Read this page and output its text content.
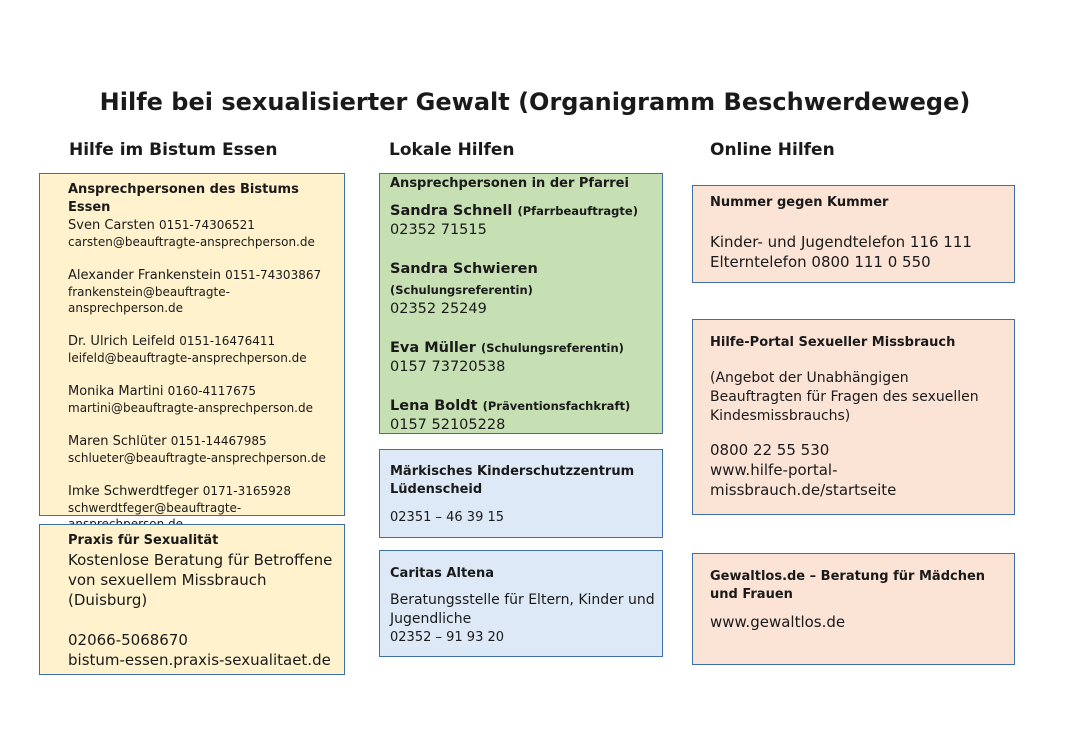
Hilfe bei sexualisierter Gewalt (Organigramm Beschwerdewege)
Hilfe im Bistum Essen	Lokale Hilfen	Online Hilfen
Ansprechpersonen des Bistums Essen
Sven Carsten 0151-74306521
carsten@beauftragte-ansprechperson.de
Alexander Frankenstein 0151-74303867
frankenstein@beauftragte-
ansprechperson.de
Dr. Ulrich Leifeld 0151-16476411
leifeld@beauftragte-ansprechperson.de
Monika Martini 0160-4117675
martini@beauftragte-ansprechperson.de
Maren Schlüter 0151-14467985
schlueter@beauftragte-ansprechperson.de
Imke Schwerdtfeger 0171-3165928
schwerdtfeger@beauftragte-
Praxis für Sexualität
Kostenlose Beratung für Betroffene
von sexuellem Missbrauch (Duisburg)
02066-5068670
bistum-essen.praxis-sexualitaet.de
Ansprechpersonen in der Pfarrei
Sandra Schnell (Pfarrbeauftragte)
02352 71515
Sandra Schwieren (Schulungsreferentin)
02352 25249
Eva Müller (Schulungsreferentin)
0157 73720538
Lena Boldt (Präventionsfachkraft)
0157 52105228
Märkisches Kinderschutzzentrum
Lüdenscheid
02351 – 46 39 15
Caritas Altena
Beratungsstelle für Eltern, Kinder und
Jugendliche
02352 – 91 93 20
Nummer gegen Kummer
Kinder- und Jugendtelefon 116 111
Elterntelefon 0800 111 0 550
Hilfe-Portal Sexueller Missbrauch
(Angebot der Unabhängigen
Beauftragten für Fragen des sexuellen
Kindesmissbrauchs)
0800 22 55 530
www.hilfe-portal-
missbrauch.de/startseite
Gewaltlos.de – Beratung für Mädchen
und Frauen
www.gewaltlos.de
